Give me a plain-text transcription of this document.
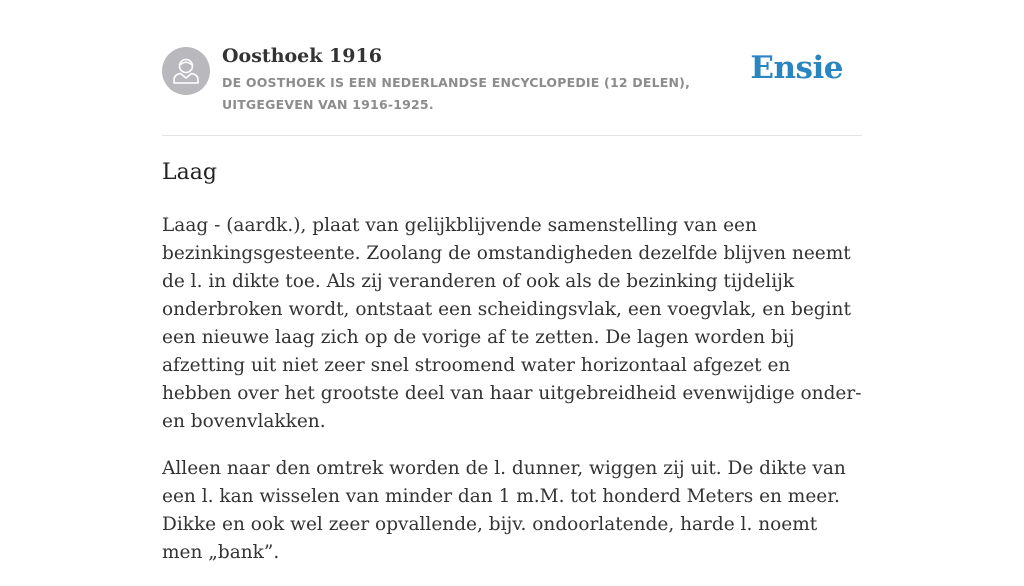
Oosthoek 1916

DE OOSTHOEK IS EEN NEDERLANDSE ENCYCLOPEDIE (12 DELEN), UITGEGEVEN VAN 1916-1925.

Ensie
Laag

Laag - (aardk.), plaat van gelijkblijvende samenstelling van een bezinkingsgesteente. Zoolang de omstandigheden dezelfde blijven neemt de l. in dikte toe. Als zij veranderen of ook als de bezinking tijdelijk onderbroken wordt, ontstaat een scheidingsvlak, een voegvlak, en begint een nieuwe laag zich op de vorige af te zetten. De lagen worden bij afzetting uit niet zeer snel stroomend water horizontaal afgezet en hebben over het grootste deel van haar uitgebreidheid evenwijdige onder- en bovenvlakken.

Alleen naar den omtrek worden de l. dunner, wiggen zij uit. De dikte van een l. kan wisselen van minder dan 1 m.M. tot honderd Meters en meer. Dikke en ook wel zeer opvallende, bijv. ondoorlatende, harde l. noemt men „bank”.
